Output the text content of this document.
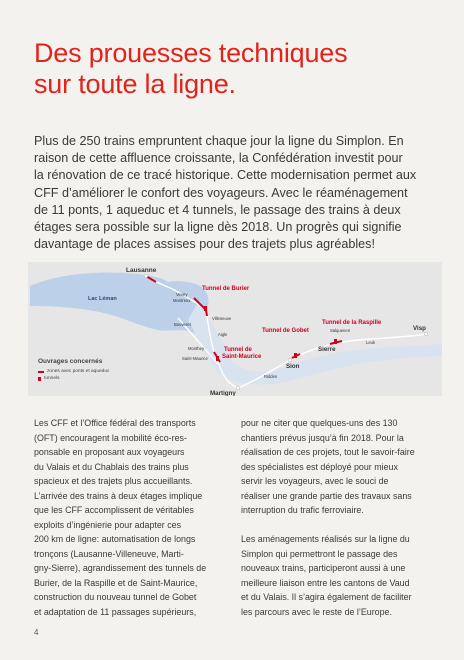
Des prouesses techniques
sur toute la ligne.

Plus de 250 trains empruntent chaque jour la ligne du Simplon. En
raison de cette affluence croissante, la Confédération investit pour
la rénovation de ce tracé historique. Cette modernisation permet aux
CFF d’améliorer le confort des voyageurs. Avec le réaménagement
de 11 ponts, 1 aqueduc et 4 tunnels, le passage des trains à deux
étages sera possible sur la ligne dès 2018. Un progrès qui signifie
davantage de places assises pour des trajets plus agréables!

Lausanne
Lac Léman
Vevey
Montreux
Villeneuve
Bouveret
Aigle
Monthey
Saint-Maurice
Martigny
Riddes
Sion
Sierre
Salquenen
Leuk
Visp
Tunnel de Burier
Tunnel de Gobet
Tunnel de la Raspille
Tunnel de
Saint-Maurice
Ouvrages concernés
zones avec ponts et aqueduc
tunnels
Les CFF et l’Office fédéral des transports
(OFT) encouragent la mobilité éco-res-
ponsable en proposant aux voyageurs
du Valais et du Chablais des trains plus
spacieux et des trajets plus accueillants.
L’arrivée des trains à deux étages implique
que les CFF accomplissent de véritables
exploits d’ingénierie pour adapter ces
200 km de ligne: automatisation de longs
tronçons (Lausanne-Villeneuve, Marti-
gny-Sierre), agrandissement des tunnels de
Burier, de la Raspille et de Saint-Maurice,
construction du nouveau tunnel de Gobet
et adaptation de 11 passages supérieurs,
pour ne citer que quelques-uns des 130
chantiers prévus jusqu’à fin 2018. Pour la
réalisation de ces projets, tout le savoir-faire
des spécialistes est déployé pour mieux
servir les voyageurs, avec le souci de
réaliser une grande partie des travaux sans
interruption du trafic ferroviaire.
Les aménagements réalisés sur la ligne du
Simplon qui permettront le passage des
nouveaux trains, participeront aussi à une
meilleure liaison entre les cantons de Vaud
et du Valais. Il s’agira également de faciliter
les parcours avec le reste de l’Europe.
4
